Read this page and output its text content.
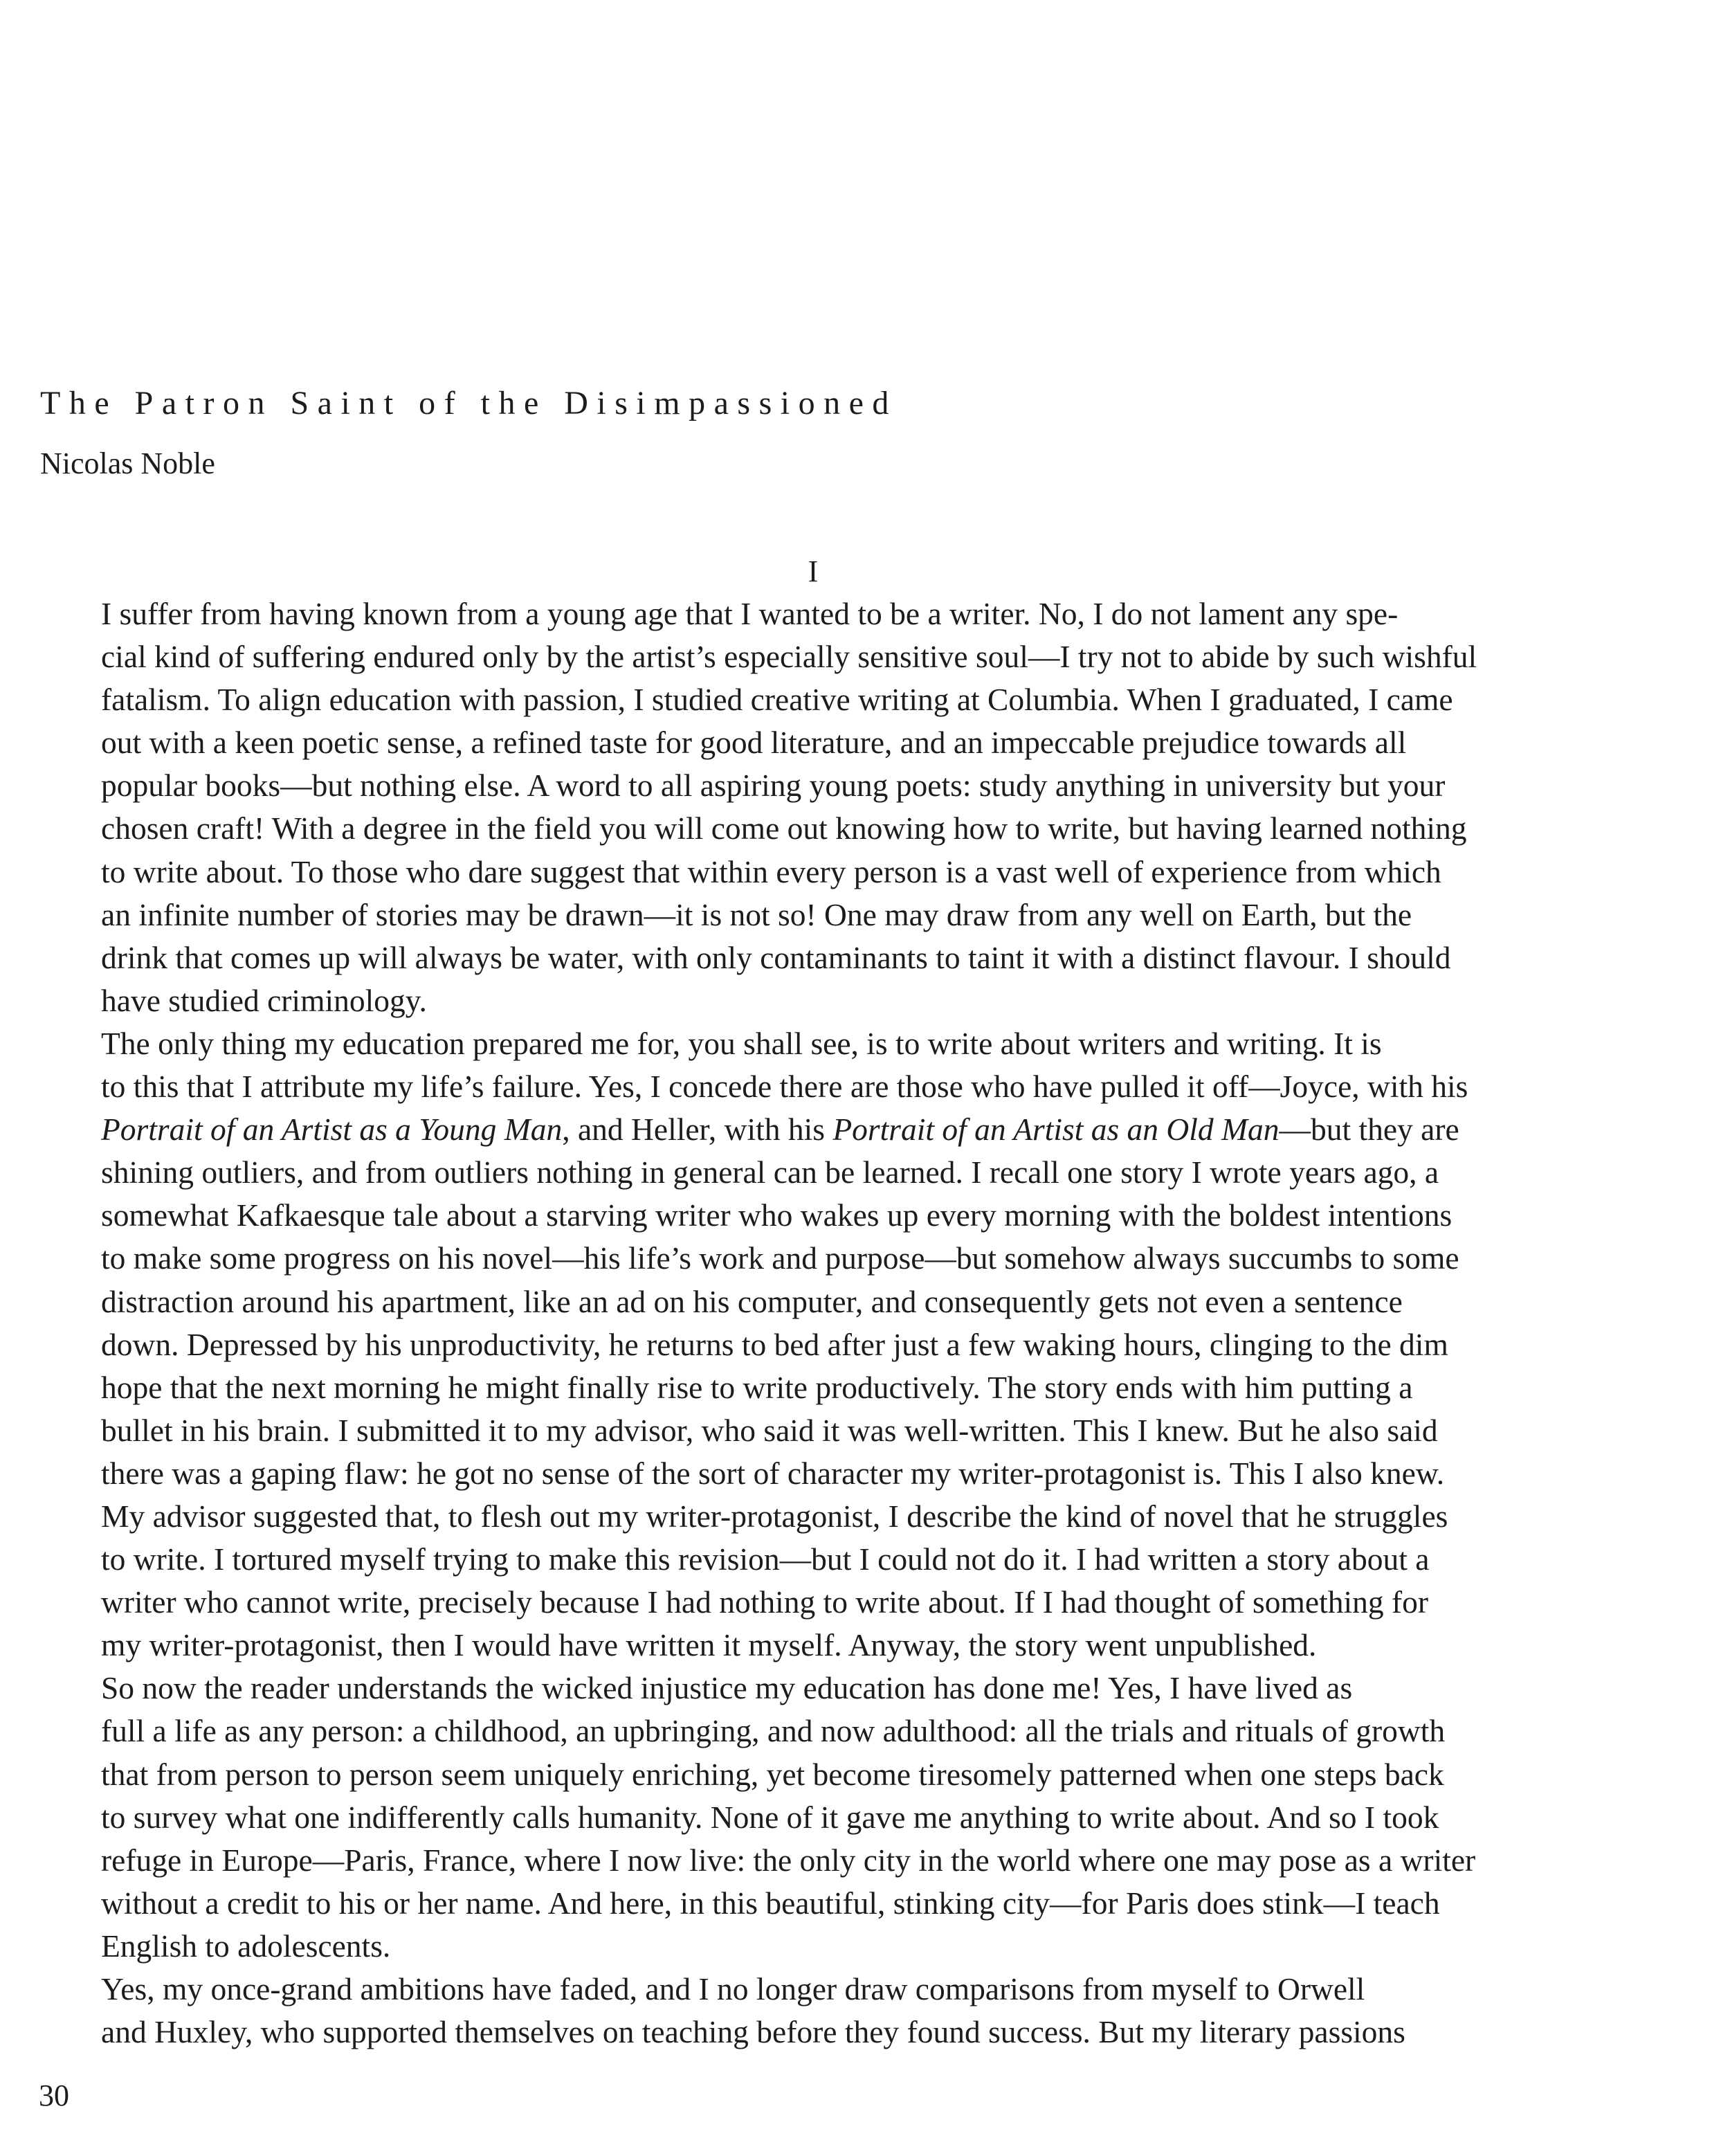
The Patron Saint of the Disimpassioned
Nicolas Noble
I

I suffer from having known from a young age that I wanted to be a writer. No, I do not lament any spe-
cial kind of suffering endured only by the artist’s especially sensitive soul—I try not to abide by such wishful
fatalism. To align education with passion, I studied creative writing at Columbia. When I graduated, I came
out with a keen poetic sense, a refined taste for good literature, and an impeccable prejudice towards all
popular books—but nothing else. A word to all aspiring young poets: study anything in university but your
chosen craft! With a degree in the field you will come out knowing how to write, but having learned nothing
to write about. To those who dare suggest that within every person is a vast well of experience from which
an infinite number of stories may be drawn—it is not so! One may draw from any well on Earth, but the
drink that comes up will always be water, with only contaminants to taint it with a distinct flavour. I should
have studied criminology.

The only thing my education prepared me for, you shall see, is to write about writers and writing. It is
to this that I attribute my life’s failure. Yes, I concede there are those who have pulled it off—Joyce, with his
Portrait of an Artist as a Young Man, and Heller, with his Portrait of an Artist as an Old Man—but they are
shining outliers, and from outliers nothing in general can be learned. I recall one story I wrote years ago, a
somewhat Kafkaesque tale about a starving writer who wakes up every morning with the boldest intentions
to make some progress on his novel—his life’s work and purpose—but somehow always succumbs to some
distraction around his apartment, like an ad on his computer, and consequently gets not even a sentence
down. Depressed by his unproductivity, he returns to bed after just a few waking hours, clinging to the dim
hope that the next morning he might finally rise to write productively. The story ends with him putting a
bullet in his brain. I submitted it to my advisor, who said it was well-written. This I knew. But he also said
there was a gaping flaw: he got no sense of the sort of character my writer-protagonist is. This I also knew.
My advisor suggested that, to flesh out my writer-protagonist, I describe the kind of novel that he struggles
to write. I tortured myself trying to make this revision—but I could not do it. I had written a story about a
writer who cannot write, precisely because I had nothing to write about. If I had thought of something for
my writer-protagonist, then I would have written it myself. Anyway, the story went unpublished.

So now the reader understands the wicked injustice my education has done me! Yes, I have lived as
full a life as any person: a childhood, an upbringing, and now adulthood: all the trials and rituals of growth
that from person to person seem uniquely enriching, yet become tiresomely patterned when one steps back
to survey what one indifferently calls humanity. None of it gave me anything to write about. And so I took
refuge in Europe—Paris, France, where I now live: the only city in the world where one may pose as a writer
without a credit to his or her name. And here, in this beautiful, stinking city—for Paris does stink—I teach
English to adolescents.

Yes, my once-grand ambitions have faded, and I no longer draw comparisons from myself to Orwell
and Huxley, who supported themselves on teaching before they found success. But my literary passions

30
